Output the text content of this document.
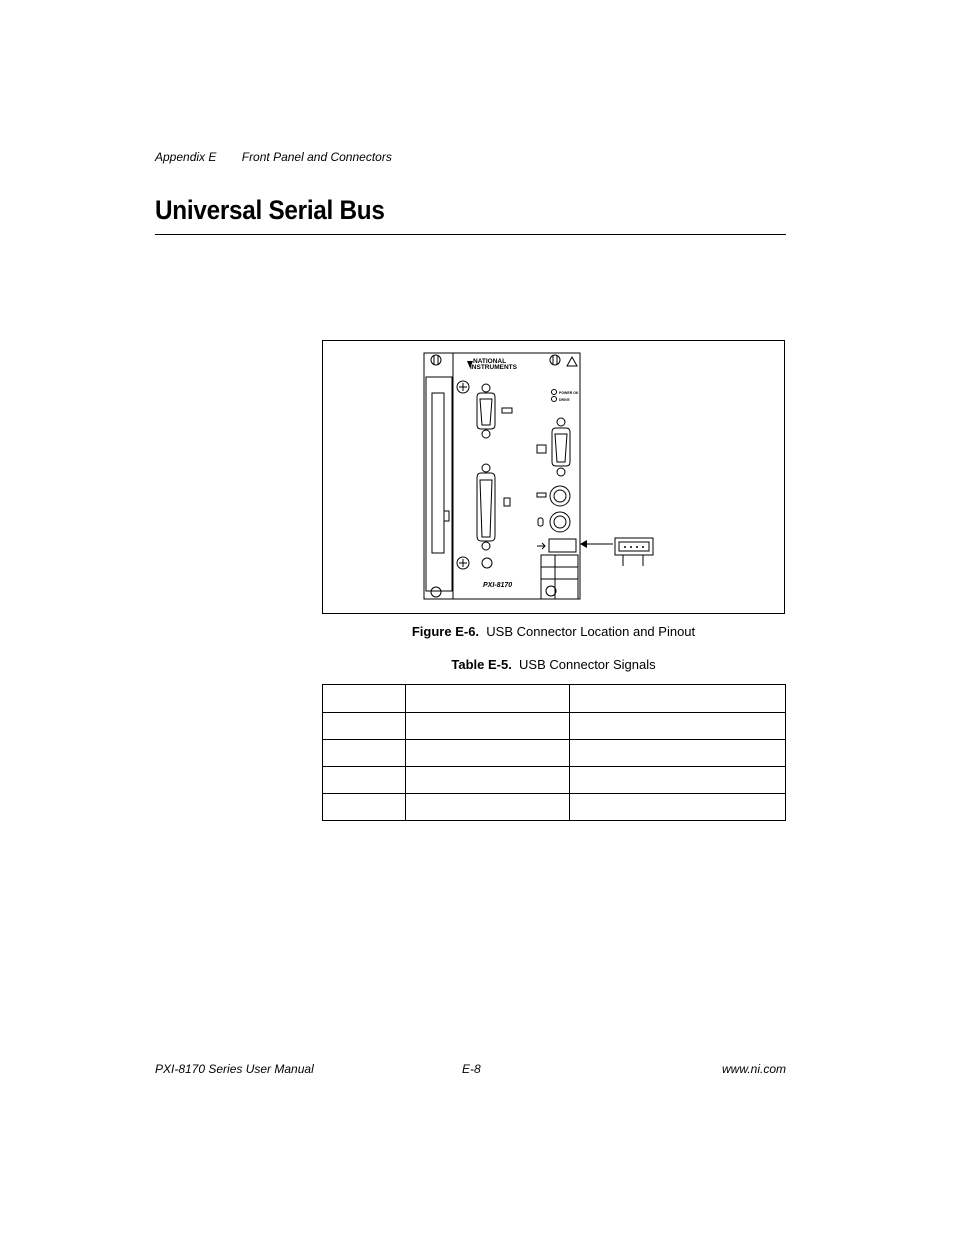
Appendix E Front Panel and Connectors
Universal Serial Bus
NATIONAL
INSTRUMENTS
POWER OK
DRIVE
PXI-8170
Figure E-6. USB Connector Location and Pinout
Table E-5. USB Connector Signals

PXI-8170 Series User Manual	E-8	www.ni.com
